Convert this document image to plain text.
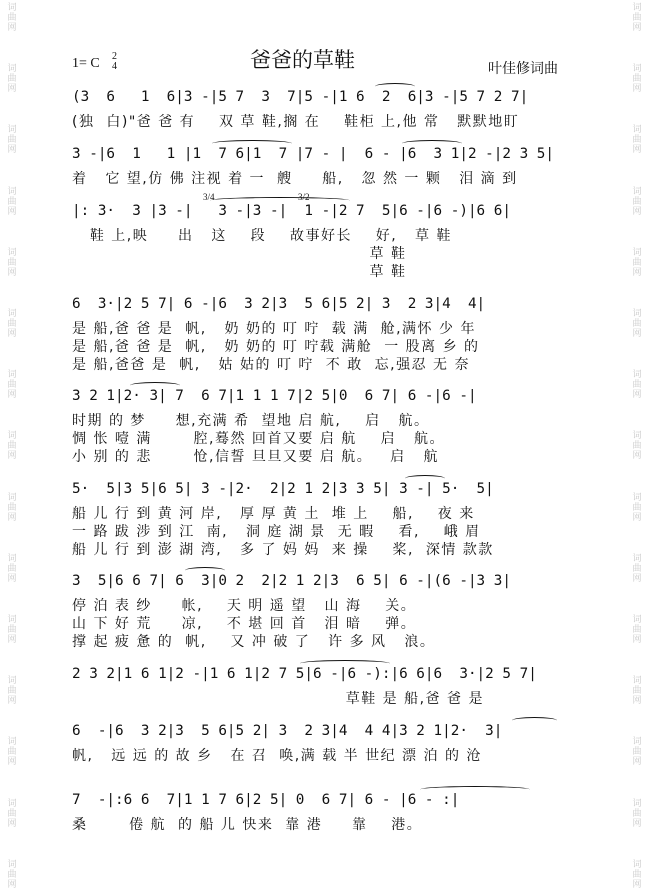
词曲网
词曲网
词曲网
词曲网
词曲网
词曲网
词曲网
词曲网
词曲网
词曲网
词曲网
词曲网
词曲网
词曲网
词曲网
词曲网
词曲网
词曲网
词曲网
词曲网
词曲网
词曲网
词曲网
词曲网
词曲网
词曲网
词曲网
词曲网
词曲网
词曲网
1= C 2
4	爸爸的草鞋	叶佳修词曲
(3  6   1  6|3 -|5 7  3  7|5 -|1 6  2  6|3 -|5 7 2 7|
(独  白)"爸 爸 有    双 草 鞋,搁 在    鞋柜 上,他 常   默默地盯
3 -|6  1   1 |1  7 6|1  7 |7 - |  6 - |6  3 1|2 -|2 3 5|
着   它 望,仿 佛 注视 着 一  艘     船,   忽 然 一 颗   泪 滴 到
3/4	3/2
|: 3·  3 |3 -|   3 -|3 -|  1 -|2 7  5|6 -|6 -)|6 6|
鞋 上,映     出   这    段    故事好长    好,   草 鞋
草 鞋
草 鞋
6  3·|2 5 7| 6 -|6  3 2|3  5 6|5 2| 3  2 3|4  4|
是 船,爸 爸 是  帆,   奶 奶的 叮 咛  载 满  舱,满怀 少 年
是 船,爸 爸 是  帆,   奶 奶的 叮 咛载 满舱  一 股离 乡 的
是 船,爸爸 是  帆,   姑 姑的 叮 咛  不 敢  忘,强忍 无 奈
3 2 1|2· 3| 7  6 7|1 1 1 7|2 5|0  6 7| 6 -|6 -|
时期 的 梦     想,充满 希  望地 启 航,    启   航。
惆 怅 噎 满       腔,蓦然 回首又要 启 航    启   航。
小 别 的 悲       怆,信誓 旦旦又要 启 航。   启   航
5·  5|3 5|6 5| 3 -|2·  2|2 1 2|3 3 5| 3 -| 5·  5|
船 儿 行 到 黄 河 岸,   厚 厚 黄 土  堆 上    船,    夜 来
一 路 跋 涉 到 江  南,   洞 庭 湖 景  无 暇    看,    峨 眉
船 儿 行 到 澎 湖 湾,   多 了 妈 妈  来 操    桨,  深情 款款
3  5|6 6 7| 6  3|0 2  2|2 1 2|3  6 5| 6 -|(6 -|3 3|
停 泊 表 纱     帐,    天 明 遥 望   山 海    关。
山 下 好 荒     凉,    不 堪 回 首   泪 暗    弹。
撑 起 疲 惫 的  帆,    又 冲 破 了   许 多 风   浪。
2 3 2|1 6 1|2 -|1 6 1|2 7 5|6 -|6 -):|6 6|6  3·|2 5 7|
草鞋 是 船,爸 爸 是
6  -|6  3 2|3  5 6|5 2| 3  2 3|4  4 4|3 2 1|2·  3|
帆,   远 远 的 故 乡   在 召  唤,满 载 半 世纪 漂 泊 的 沧
7  -|:6 6  7|1 1 7 6|2 5| 0  6 7| 6 - |6 - :|
桑       倦 航  的 船 儿 快来  靠 港     靠    港。
